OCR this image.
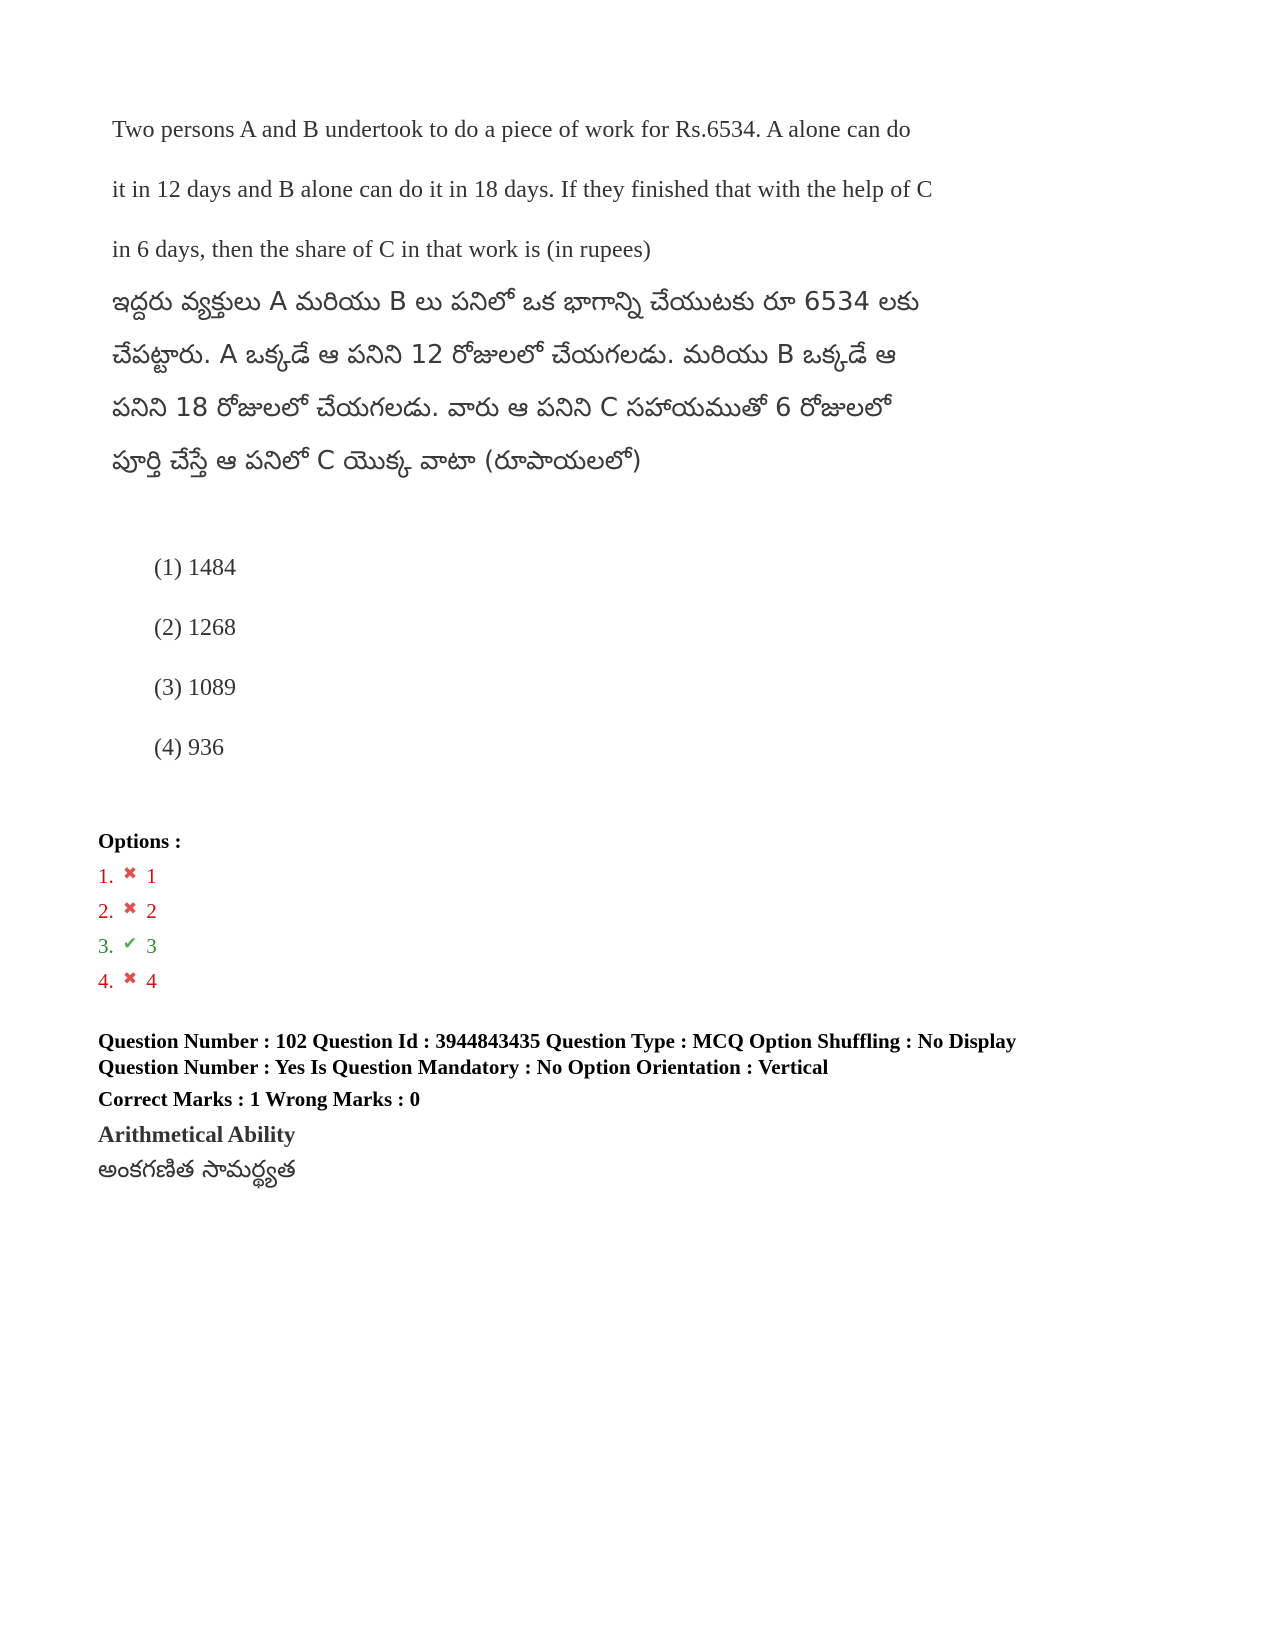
Two persons A and B undertook to do a piece of work for Rs.6534. A alone can do
it in 12 days and B alone can do it in 18 days. If they finished that with the help of C
in 6 days, then the share of C in that work is (in rupees)
ఇద్దరు వ్యక్తులు A మరియు B లు పనిలో ఒక భాగాన్ని చేయుటకు రూ 6534 లకు
చేపట్టారు. A ఒక్కడే ఆ పనిని 12 రోజులలో చేయగలడు. మరియు B ఒక్కడే ఆ
పనిని 18 రోజులలో చేయగలడు. వారు ఆ పనిని C సహాయముతో 6 రోజులలో
పూర్తి చేస్తే ఆ పనిలో C యొక్క వాటా (రూపాయలలో)
(1) 1484
(2) 1268
(3) 1089
(4) 936
Options :
1. ✖ 1
2. ✖ 2
3. ✔ 3
4. ✖ 4
Question Number : 102 Question Id : 3944843435 Question Type : MCQ Option Shuffling : No Display
Question Number : Yes Is Question Mandatory : No Option Orientation : Vertical
Correct Marks : 1 Wrong Marks : 0
Arithmetical Ability
అంకగణిత సామర్థ్యత
